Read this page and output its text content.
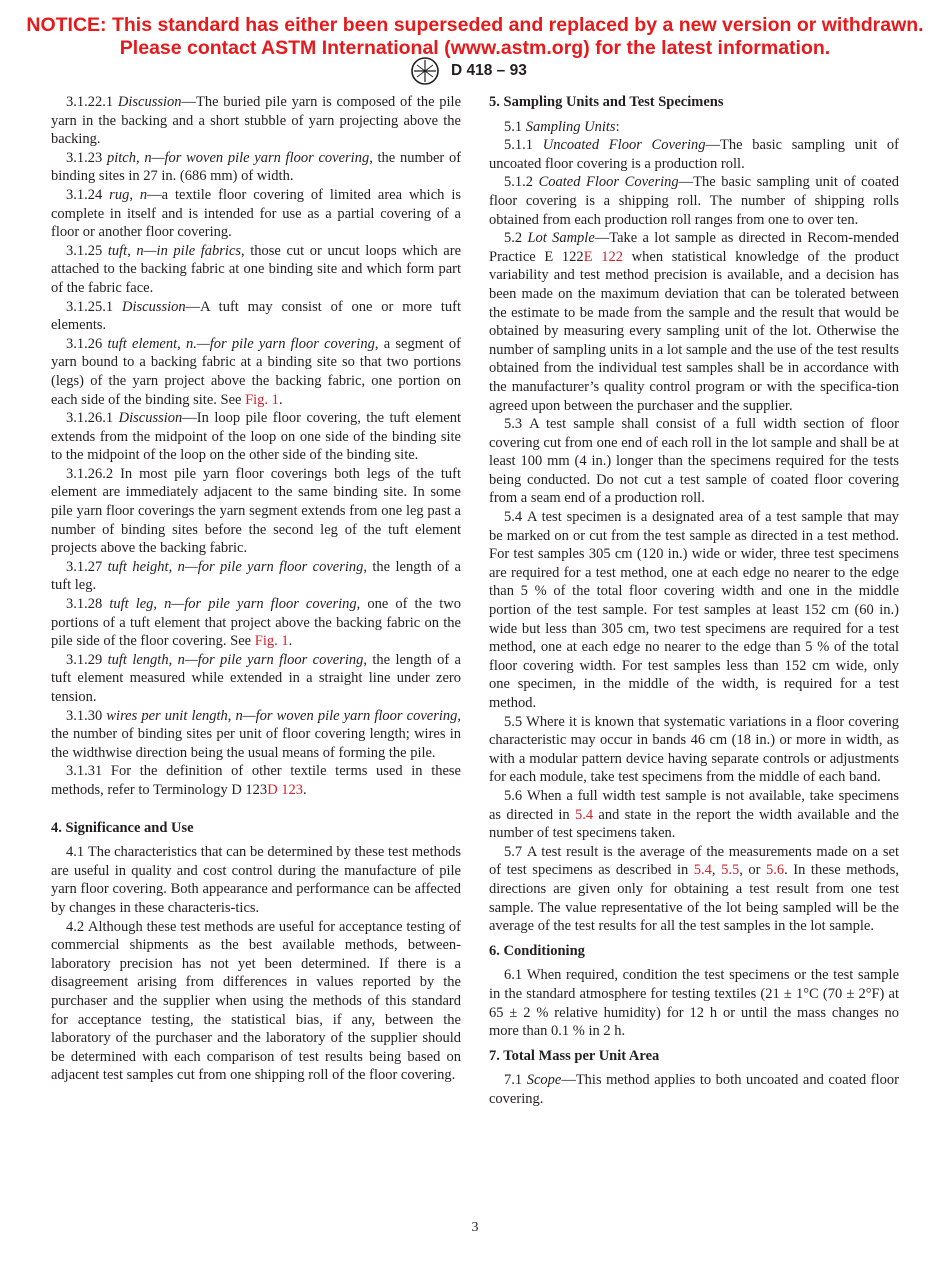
NOTICE: This standard has either been superseded and replaced by a new version or withdrawn.
Please contact ASTM International (www.astm.org) for the latest information.
D 418 – 93

3.1.22.1 Discussion—The buried pile yarn is composed of the pile yarn in the backing and a short stubble of yarn projecting above the backing.

3.1.23 pitch, n—for woven pile yarn floor covering, the number of binding sites in 27 in. (686 mm) of width.

3.1.24 rug, n—a textile floor covering of limited area which is complete in itself and is intended for use as a partial covering of a floor or another floor covering.

3.1.25 tuft, n—in pile fabrics, those cut or uncut loops which are attached to the backing fabric at one binding site and which form part of the fabric face.

3.1.25.1 Discussion—A tuft may consist of one or more tuft elements.

3.1.26 tuft element, n.—for pile yarn floor covering, a segment of yarn bound to a backing fabric at a binding site so that two portions (legs) of the yarn project above the backing fabric, one portion on each side of the binding site. See Fig. 1.

3.1.26.1 Discussion—In loop pile floor covering, the tuft element extends from the midpoint of the loop on one side of the binding site to the midpoint of the loop on the other side of the binding site.

3.1.26.2 In most pile yarn floor coverings both legs of the tuft element are immediately adjacent to the same binding site. In some pile yarn floor coverings the yarn segment extends from one leg past a number of binding sites before the second leg of the tuft element projects above the backing fabric.

3.1.27 tuft height, n—for pile yarn floor covering, the length of a tuft leg.

3.1.28 tuft leg, n—for pile yarn floor covering, one of the two portions of a tuft element that project above the backing fabric on the pile side of the floor covering. See Fig. 1.

3.1.29 tuft length, n—for pile yarn floor covering, the length of a tuft element measured while extended in a straight line under zero tension.

3.1.30 wires per unit length, n—for woven pile yarn floor covering, the number of binding sites per unit of floor covering length; wires in the widthwise direction being the usual means of forming the pile.

3.1.31 For the definition of other textile terms used in these methods, refer to Terminology D 123D 123.

4. Significance and Use

4.1 The characteristics that can be determined by these test methods are useful in quality and cost control during the manufacture of pile yarn floor covering. Both appearance and performance can be affected by changes in these characteris-tics.

4.2 Although these test methods are useful for acceptance testing of commercial shipments as the best available methods, between-laboratory precision has not yet been determined. If there is a disagreement arising from differences in values reported by the purchaser and the supplier when using the methods of this standard for acceptance testing, the statistical bias, if any, between the laboratory of the purchaser and the laboratory of the supplier should be determined with each comparison of test results being based on adjacent test samples cut from one shipping roll of the floor covering.

5. Sampling Units and Test Specimens

5.1 Sampling Units:

5.1.1 Uncoated Floor Covering—The basic sampling unit of uncoated floor covering is a production roll.

5.1.2 Coated Floor Covering—The basic sampling unit of coated floor covering is a shipping roll. The number of shipping rolls obtained from each production roll ranges from one to over ten.

5.2 Lot Sample—Take a lot sample as directed in Recom-mended Practice E 122E 122 when statistical knowledge of the product variability and test method precision is available, and a decision has been made on the maximum deviation that can be tolerated between the estimate to be made from the sample and the result that would be obtained by measuring every sampling unit of the lot. Otherwise the number of sampling units in a lot sample and the use of the test results obtained from the individual test samples shall be in accordance with the manufacturer’s quality control program or with the specifica-tion agreed upon between the purchaser and the supplier.

5.3 A test sample shall consist of a full width section of floor covering cut from one end of each roll in the lot sample and shall be at least 100 mm (4 in.) longer than the specimens required for the tests being conducted. Do not cut a test sample of coated floor covering from a seam end of a production roll.

5.4 A test specimen is a designated area of a test sample that may be marked on or cut from the test sample as directed in a test method. For test samples 305 cm (120 in.) wide or wider, three test specimens are required for a test method, one at each edge no nearer to the edge than 5 % of the total floor covering width and one in the middle portion of the test sample. For test samples at least 152 cm (60 in.) wide but less than 305 cm, two test specimens are required for a test method, one at each edge no nearer to the edge than 5 % of the total floor covering width. For test samples less than 152 cm wide, only one specimen, in the middle of the width, is required for a test method.

5.5 Where it is known that systematic variations in a floor covering characteristic may occur in bands 46 cm (18 in.) or more in width, as with a modular pattern device having separate controls or adjustments for each module, take test specimens from the middle of each band.

5.6 When a full width test sample is not available, take specimens as directed in 5.4 and state in the report the width available and the number of test specimens taken.

5.7 A test result is the average of the measurements made on a set of test specimens as described in 5.4, 5.5, or 5.6. In these methods, directions are given only for obtaining a test result from one test sample. The value representative of the lot being sampled will be the average of the test results for all the test samples in the lot sample.

6. Conditioning

6.1 When required, condition the test specimens or the test sample in the standard atmosphere for testing textiles (21 ± 1°C (70 ± 2°F) at 65 ± 2 % relative humidity) for 12 h or until the mass changes no more than 0.1 % in 2 h.

7. Total Mass per Unit Area

7.1 Scope—This method applies to both uncoated and coated floor covering.

3
